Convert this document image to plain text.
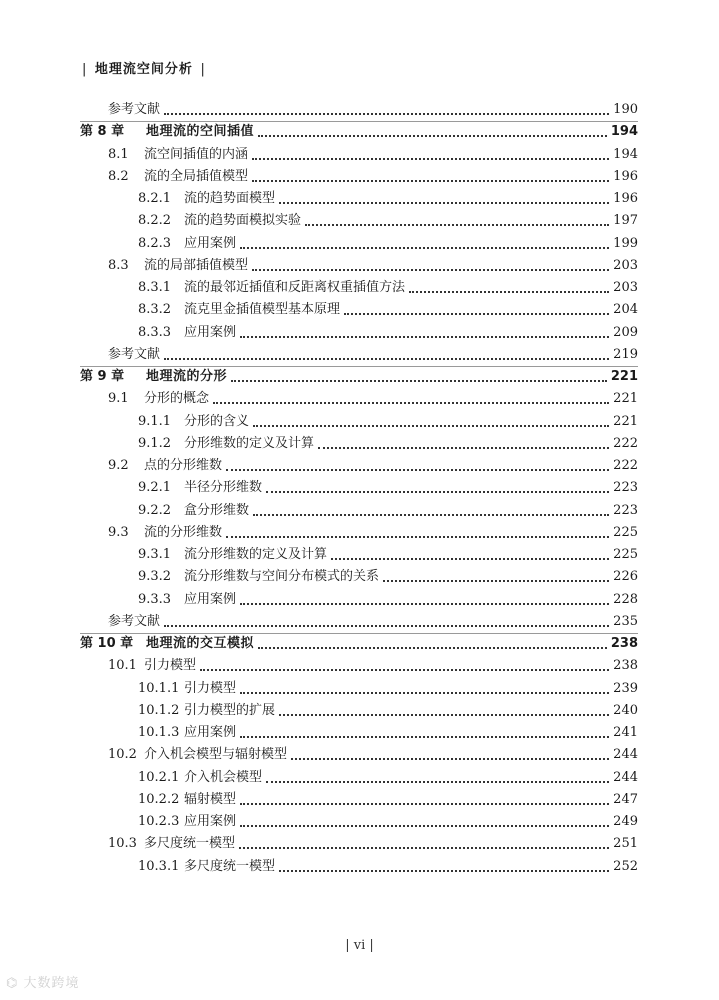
| 地理流空间分析 |
参考文献	190
第 8 章	地理流的空间插值	194
8.1	流空间插值的内涵	194
8.2	流的全局插值模型	196
8.2.1 流的趋势面模型	196
8.2.2 流的趋势面模拟实验	197
8.2.3 应用案例	199
8.3	流的局部插值模型	203
8.3.1 流的最邻近插值和反距离权重插值方法	203
8.3.2 流克里金插值模型基本原理	204
8.3.3 应用案例	209
参考文献	219
第 9 章	地理流的分形	221
9.1	分形的概念	221
9.1.1 分形的含义	221
9.1.2 分形维数的定义及计算	222
9.2	点的分形维数	222
9.2.1 半径分形维数	223
9.2.2 盒分形维数	223
9.3	流的分形维数	225
9.3.1 流分形维数的定义及计算	225
9.3.2 流分形维数与空间分布模式的关系	226
9.3.3 应用案例	228
参考文献	235
第 10 章 地理流的交互模拟	238
10.1 引力模型	238
10.1.1 引力模型	239
10.1.2 引力模型的扩展	240
10.1.3 应用案例	241
10.2 介入机会模型与辐射模型	244
10.2.1 介入机会模型	244
10.2.2 辐射模型	247
10.2.3 应用案例	249
10.3 多尺度统一模型	251
10.3.1 多尺度统一模型	252
| vi |
⌬ 大数跨境
